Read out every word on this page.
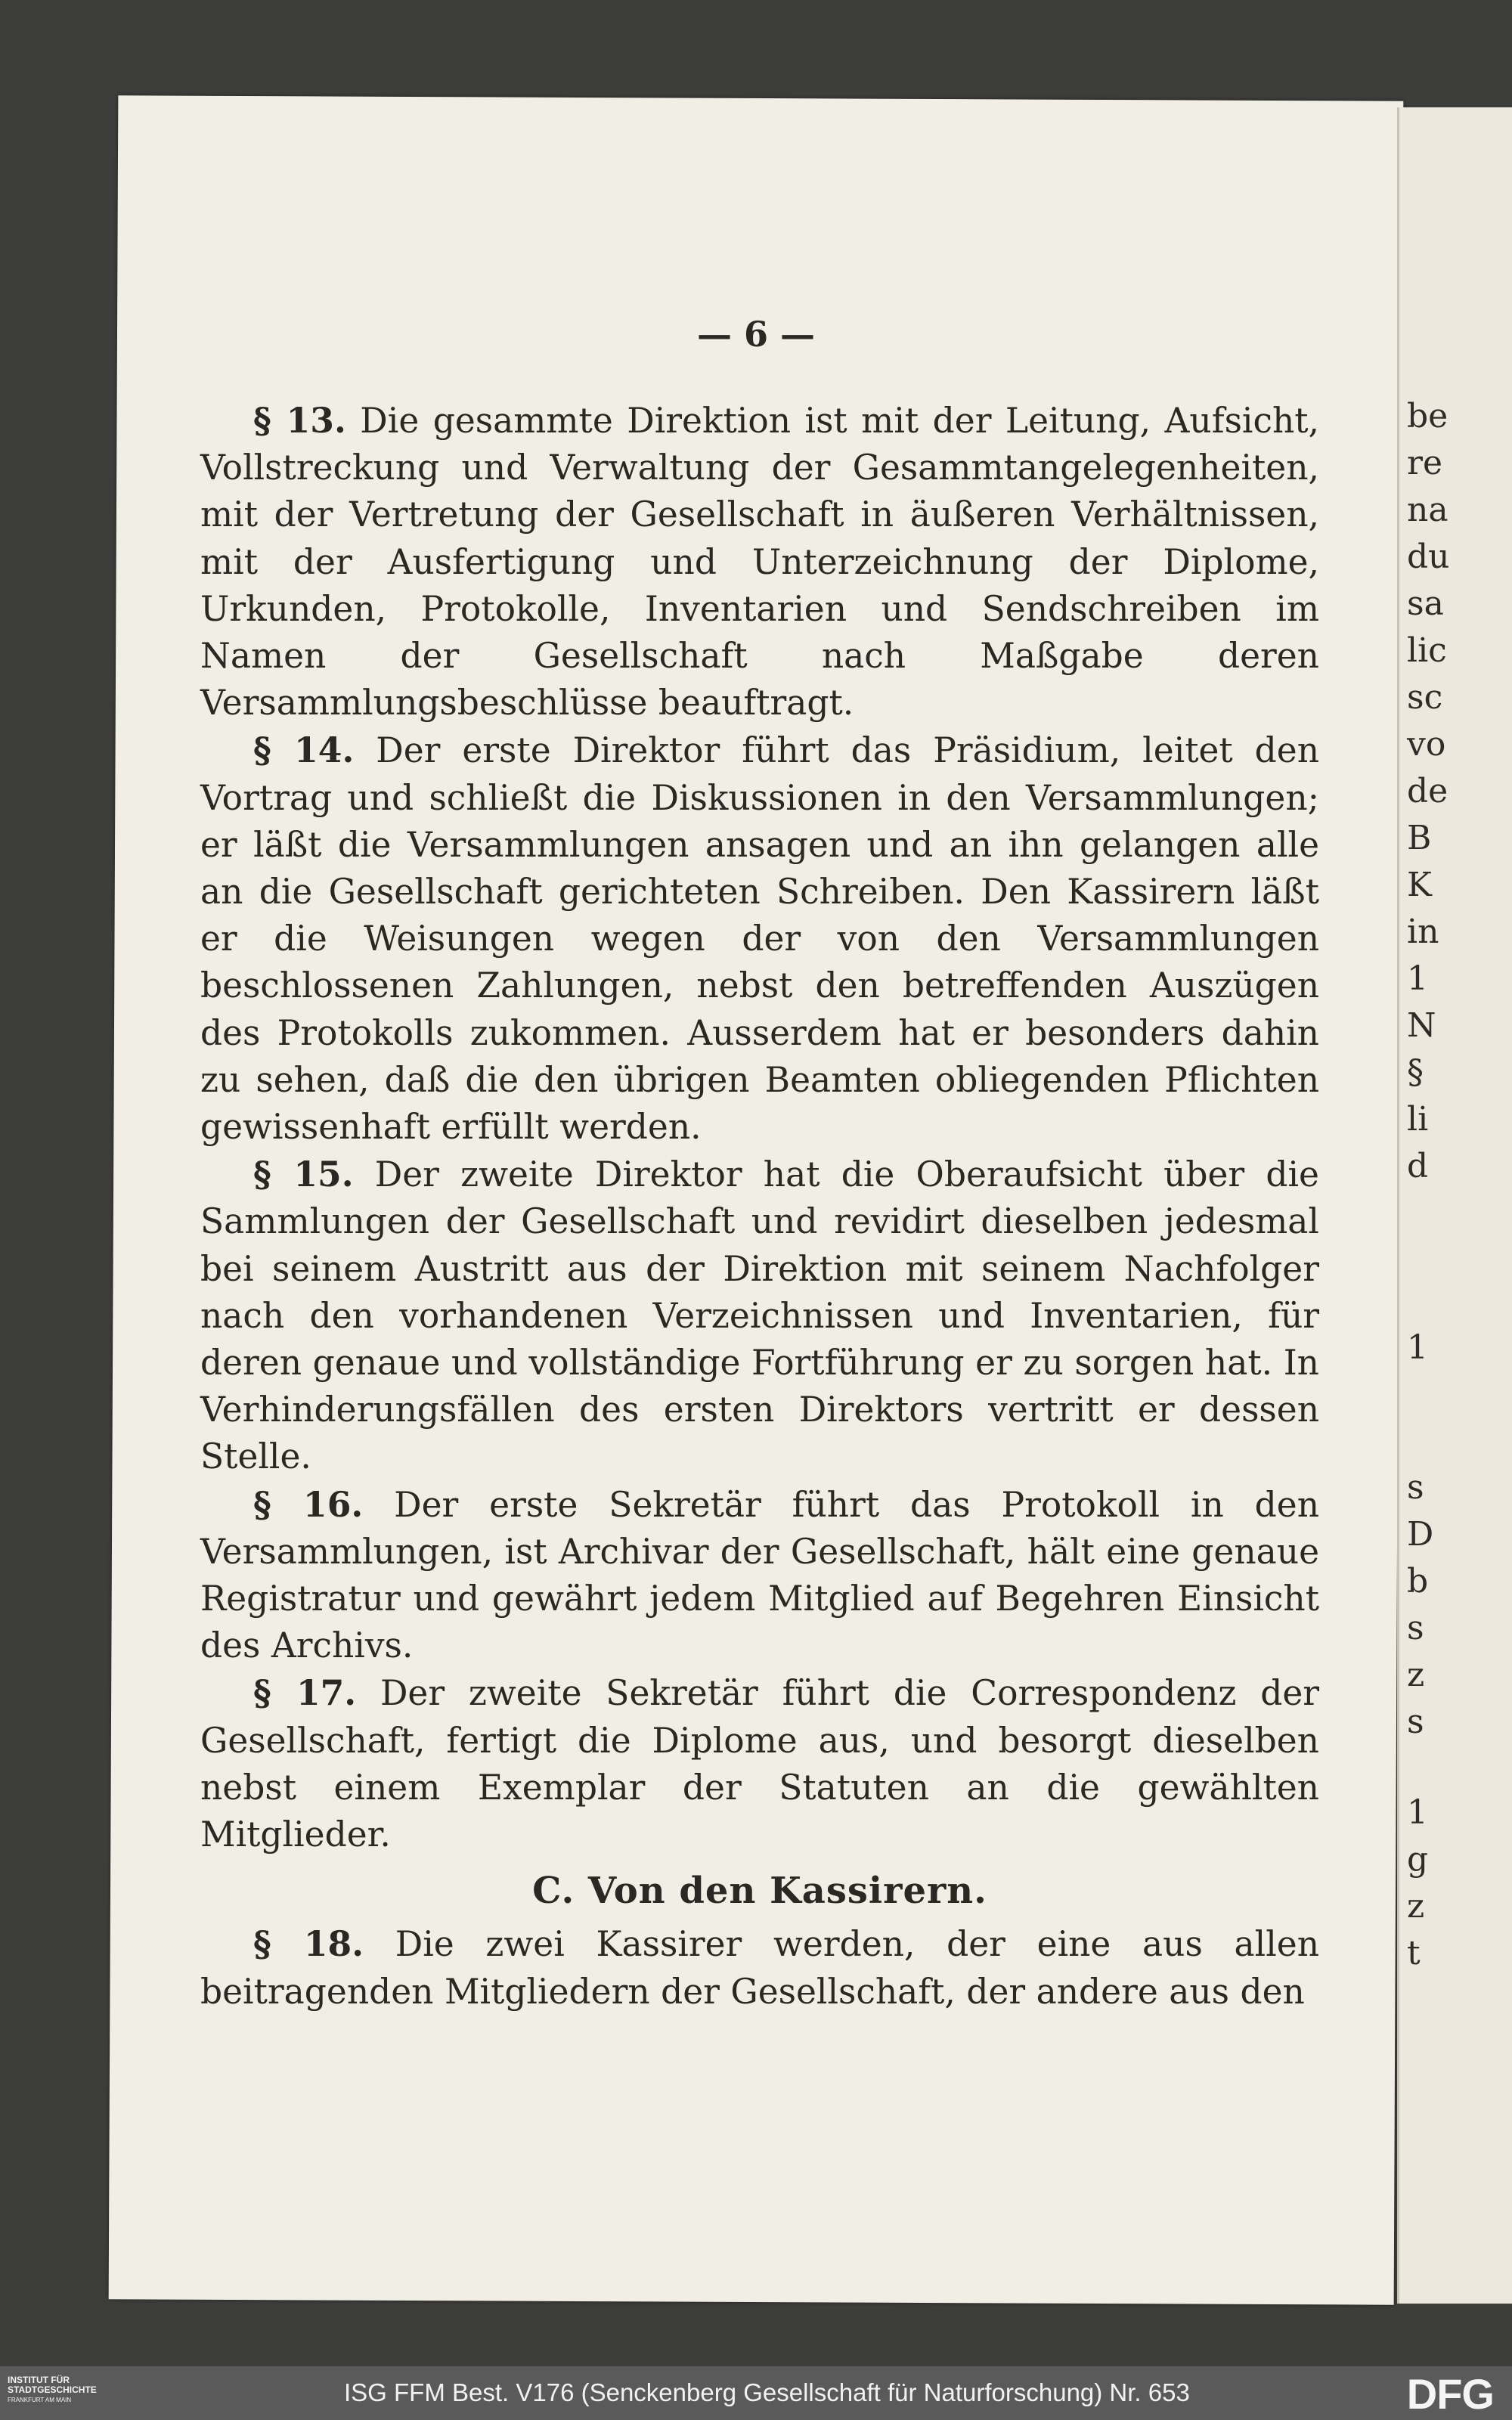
be
re
na
du
sa
lic
sc
vo
de
B
K
in
1
N
§
li
d
1
s
D
b
s
z
s
1
g
z
t
— 6 —

§ 13. Die gesammte Direktion ist mit der Leitung, Aufsicht, Vollstreckung und Verwaltung der Gesammtangelegenheiten, mit der Vertretung der Gesellschaft in äußeren Verhältnissen, mit der Ausfertigung und Unterzeichnung der Diplome, Urkunden, Protokolle, Inventarien und Sendschreiben im Namen der Gesellschaft nach Maßgabe deren Versammlungsbeschlüsse beauftragt.

§ 14. Der erste Direktor führt das Präsidium, leitet den Vortrag und schließt die Diskussionen in den Versammlungen; er läßt die Versammlungen ansagen und an ihn gelangen alle an die Gesellschaft gerichteten Schreiben. Den Kassirern läßt er die Weisungen wegen der von den Versammlungen beschlossenen Zahlungen, nebst den betreffenden Auszügen des Protokolls zukommen. Ausserdem hat er besonders dahin zu sehen, daß die den übrigen Beamten obliegenden Pflichten gewissenhaft erfüllt werden.

§ 15. Der zweite Direktor hat die Oberaufsicht über die Sammlungen der Gesellschaft und revidirt dieselben jedesmal bei seinem Austritt aus der Direktion mit seinem Nachfolger nach den vorhandenen Verzeichnissen und Inventarien, für deren genaue und vollständige Fortführung er zu sorgen hat. In Verhinderungsfällen des ersten Direktors vertritt er dessen Stelle.

§ 16. Der erste Sekretär führt das Protokoll in den Versammlungen, ist Archivar der Gesellschaft, hält eine genaue Registratur und gewährt jedem Mitglied auf Begehren Einsicht des Archivs.

§ 17. Der zweite Sekretär führt die Correspondenz der Gesellschaft, fertigt die Diplome aus, und besorgt dieselben nebst einem Exemplar der Statuten an die gewählten Mitglieder.

C. Von den Kassirern.

§ 18. Die zwei Kassirer werden, der eine aus allen beitragenden Mitgliedern der Gesellschaft, der andere aus den

INSTITUT FÜR
STADTGESCHICHTE
FRANKFURT AM MAIN	ISG FFM Best. V176 (Senckenberg Gesellschaft für Naturforschung) Nr. 653	DFG
